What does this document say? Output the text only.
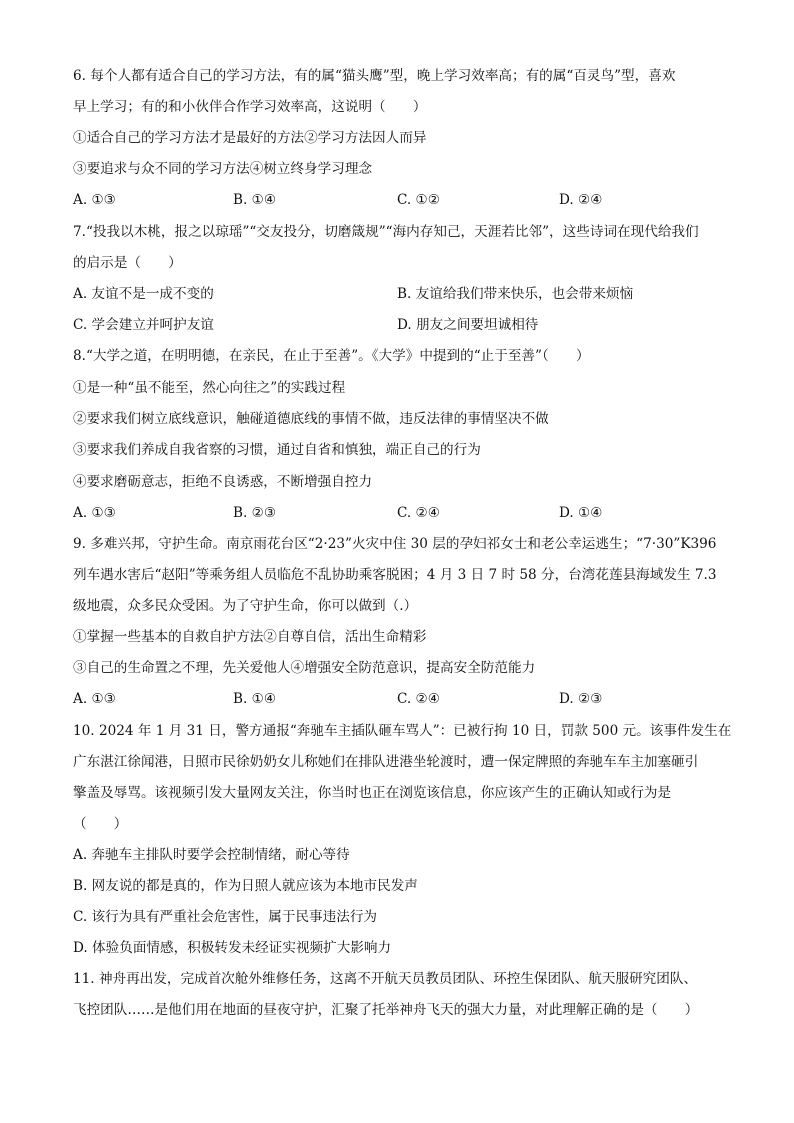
6. 每个人都有适合自己的学习方法，有的属“猫头鹰”型，晚上学习效率高；有的属“百灵鸟”型，喜欢
早上学习；有的和小伙伴合作学习效率高，这说明（　　）
①适合自己的学习方法才是最好的方法②学习方法因人而异
③要追求与众不同的学习方法④树立终身学习理念
A. ①③	B. ①④	C. ①②	D. ②④
7.“投我以木桃，报之以琼瑶”“交友投分，切磨箴规”“海内存知己，天涯若比邻”，这些诗词在现代给我们
的启示是（　　）
A. 友谊不是一成不变的	B. 友谊给我们带来快乐，也会带来烦恼
C. 学会建立并呵护友谊	D. 朋友之间要坦诚相待
8.“大学之道，在明明德，在亲民，在止于至善”。《大学》中提到的“止于至善”（　　）
①是一种“虽不能至，然心向往之”的实践过程
②要求我们树立底线意识，触碰道德底线的事情不做，违反法律的事情坚决不做
③要求我们养成自我省察的习惯，通过自省和慎独，端正自己的行为
④要求磨砺意志，拒绝不良诱惑，不断增强自控力
A. ①③	B. ②③	C. ②④	D. ①④
9. 多难兴邦，守护生命。南京雨花台区“2·23”火灾中住 30 层的孕妇祁女士和老公幸运逃生；“7·30”K396
列车遇水害后“赵阳”等乘务组人员临危不乱协助乘客脱困；4 月 3 日 7 时 58 分，台湾花莲县海域发生 7.3
级地震，众多民众受困。为了守护生命，你可以做到（.）
①掌握一些基本的自救自护方法②自尊自信，活出生命精彩
③自己的生命置之不理，先关爱他人④增强安全防范意识，提高安全防范能力
A. ①③	B. ①④	C. ②④	D. ②③
10. 2024 年 1 月 31 日，警方通报“奔驰车主插队砸车骂人”：已被行拘 10 日，罚款 500 元。该事件发生在
广东湛江徐闻港，日照市民徐奶奶女儿称她们在排队进港坐轮渡时，遭一保定牌照的奔驰车车主加塞砸引
擎盖及辱骂。该视频引发大量网友关注，你当时也正在浏览该信息，你应该产生的正确认知或行为是
（　　）
A. 奔驰车主排队时要学会控制情绪，耐心等待
B. 网友说的都是真的，作为日照人就应该为本地市民发声
C. 该行为具有严重社会危害性，属于民事违法行为
D. 体验负面情感，积极转发未经证实视频扩大影响力
11. 神舟再出发，完成首次舱外维修任务，这离不开航天员教员团队、环控生保团队、航天服研究团队、
飞控团队……是他们用在地面的昼夜守护，汇聚了托举神舟飞天的强大力量，对此理解正确的是（　　）
